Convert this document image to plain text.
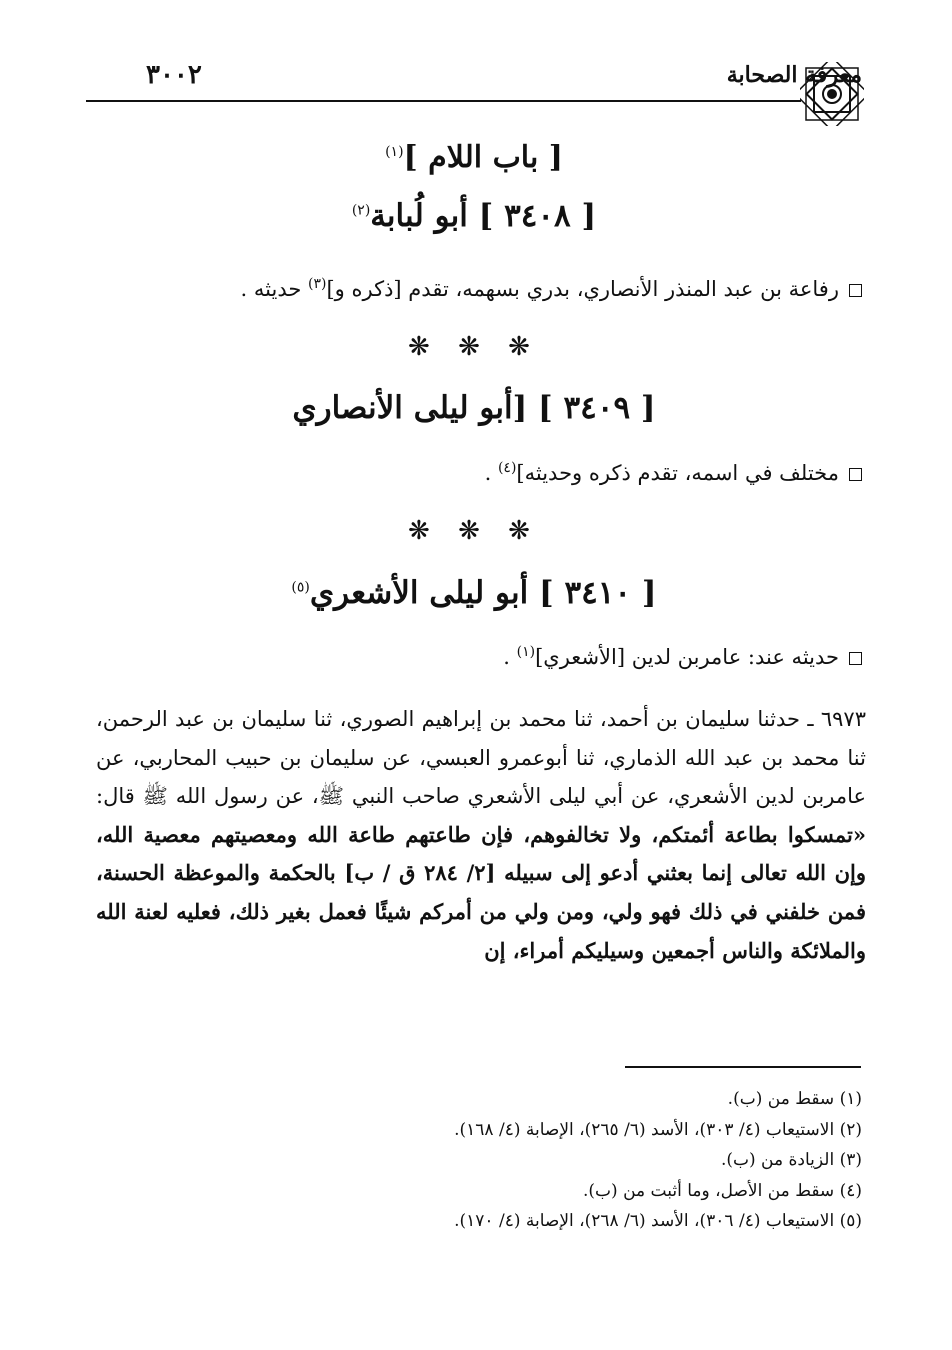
معرفة الصحابة
٣٠٠٢
[ باب اللام ]$^{(١)}$
[ ٣٤٠٨ ] أبو لُبابة$^{(٢)}$
رفاعة بن عبد المنذر الأنصاري، بدري بسهمه، تقدم [ذكره و]$^{(٣)}$ حديثه .
❋ ❋ ❋
[ ٣٤٠٩ ] [أبو ليلى الأنصاري
مختلف في اسمه، تقدم ذكره وحديثه]$^{(٤)}$ .
❋ ❋ ❋
[ ٣٤١٠ ] أبو ليلى الأشعري$^{(٥)}$
حديثه عند: عامربن لدين [الأشعري]$^{(١)}$ .
٦٩٧٣ ـ حدثنا سليمان بن أحمد، ثنا محمد بن إبراهيم الصوري، ثنا سليمان بن عبد الرحمن، ثنا محمد بن عبد الله الذماري، ثنا أبوعمرو العبسي، عن سليمان بن حبيب المحاربي، عن عامربن لدين الأشعري، عن أبي ليلى الأشعري صاحب النبي ﷺ، عن رسول الله ﷺ قال: «تمسكوا بطاعة أئمتكم، ولا تخالفوهم، فإن طاعتهم طاعة الله ومعصيتهم معصية الله، وإن الله تعالى إنما بعثني أدعو إلى سبيله [٢/ ٢٨٤ ق / ب] بالحكمة والموعظة الحسنة، فمن خلفني في ذلك فهو ولي، ومن ولي من أمركم شيئًا فعمل بغير ذلك، فعليه لعنة الله والملائكة والناس أجمعين وسيليكم أمراء، إن
(١) سقط من (ب).
(٢) الاستيعاب (٤/ ٣٠٣)، الأسد (٦/ ٢٦٥)، الإصابة (٤/ ١٦٨).
(٣) الزيادة من (ب).
(٤) سقط من الأصل، وما أثبت من (ب).
(٥) الاستيعاب (٤/ ٣٠٦)، الأسد (٦/ ٢٦٨)، الإصابة (٤/ ١٧٠).
